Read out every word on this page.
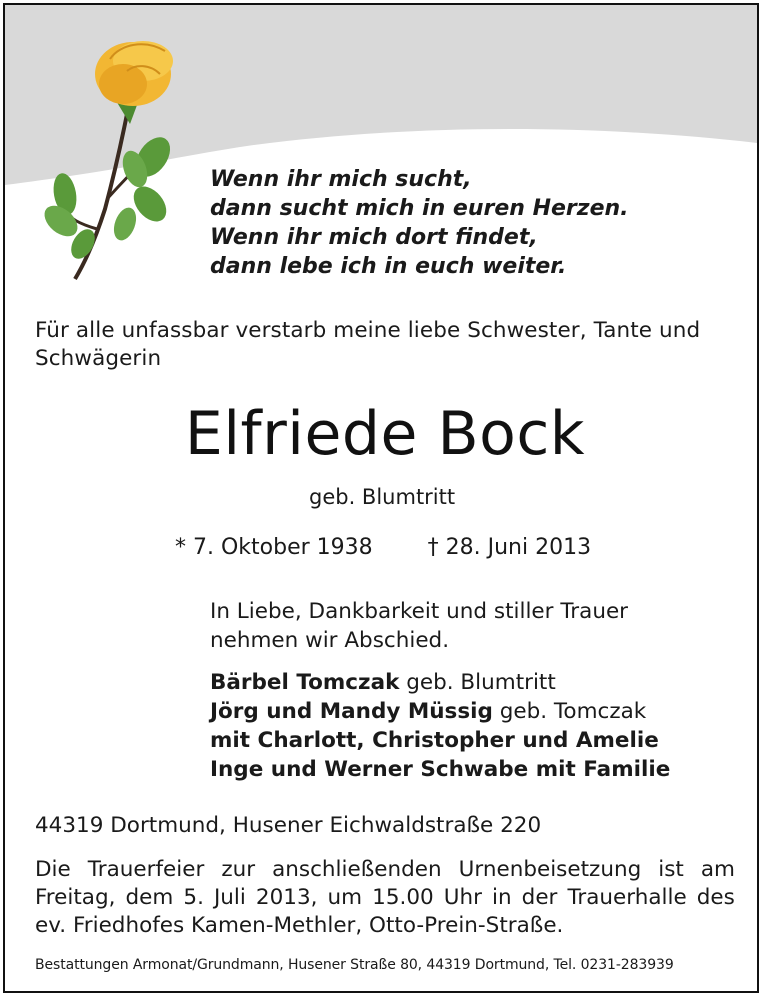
Wenn ihr mich sucht,
dann sucht mich in euren Herzen.
Wenn ihr mich dort findet,
dann lebe ich in euch weiter.
Für alle unfassbar verstarb meine liebe Schwester, Tante und Schwägerin
Elfriede Bock
geb. Blumtritt
* 7. Oktober 1938	† 28. Juni 2013
In Liebe, Dankbarkeit und stiller Trauer
nehmen wir Abschied.
Bärbel Tomczak geb. Blumtritt
Jörg und Mandy Müssig geb. Tomczak
mit Charlott, Christopher und Amelie
Inge und Werner Schwabe mit Familie
44319 Dortmund, Husener Eichwaldstraße 220
Die Trauerfeier zur anschließenden Urnenbeisetzung ist am
Freitag, dem 5. Juli 2013, um 15.00 Uhr in der Trauerhalle des
ev. Friedhofes Kamen-Methler, Otto-Prein-Straße.
Bestattungen Armonat/Grundmann, Husener Straße 80, 44319 Dortmund, Tel. 0231-283939
